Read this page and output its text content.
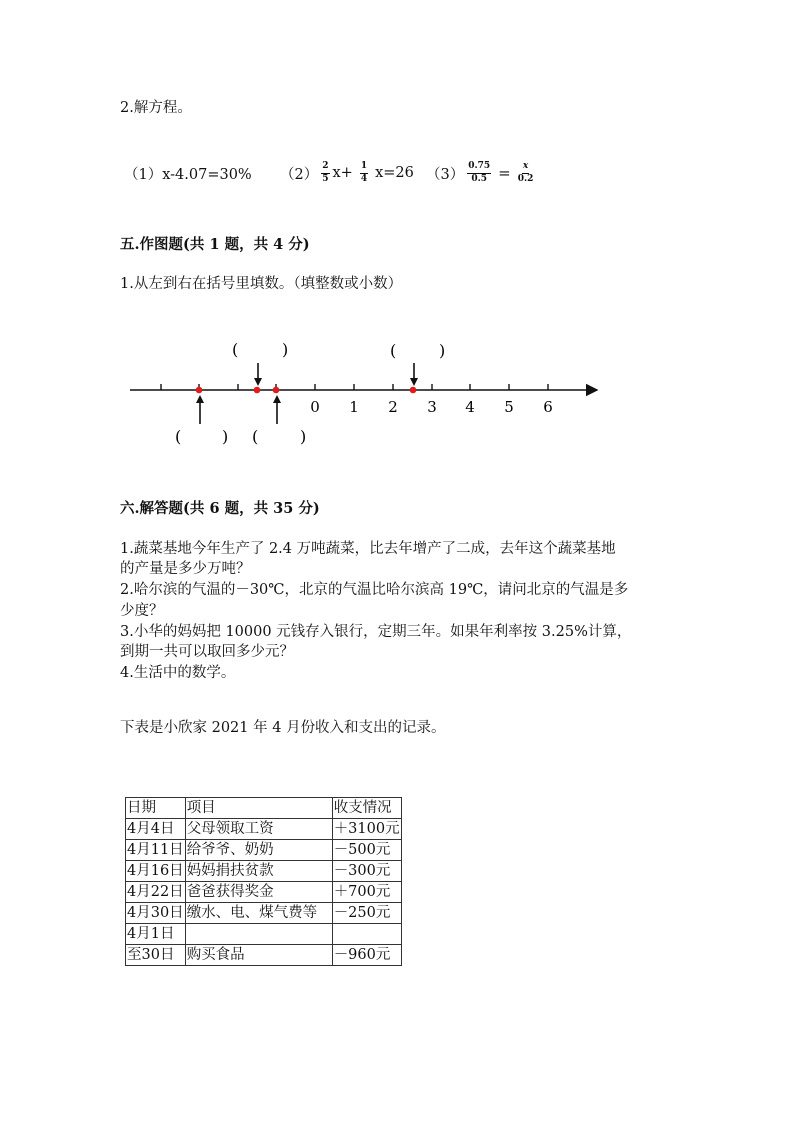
2.解方程。
（1）x-4.07=30% $(2) \frac{2}{5} x+ \frac{1}{4} x=26$ $(3) \frac{0.75}{0.5} = \frac{x}{0.2}$
五.作图题(共 1 题，共 4 分)
1.从左到右在括号里填数。（填整数或小数）
0 1 2 3 4 5 6
(	)	(	)
(	) (	)
六.解答题(共 6 题，共 35 分)
1.蔬菜基地今年生产了 2.4 万吨蔬菜，比去年增产了二成，去年这个蔬菜基地
的产量是多少万吨？
2.哈尔滨的气温的－30℃，北京的气温比哈尔滨高 19℃，请问北京的气温是多
少度？
3.小华的妈妈把 10000 元钱存入银行，定期三年。如果年利率按 3.25%计算，
到期一共可以取回多少元？
4.生活中的数学。
下表是小欣家 2021 年 4 月份收入和支出的记录。
日期	项目	收支情况
4月4日	父母领取工资	＋3100元
4月11日	给爷爷、奶奶	－500元
4月16日	妈妈捐扶贫款	－300元
4月22日	爸爸获得奖金	＋700元
4月30日	缴水、电、煤气费等	－250元
4月1日		
至30日	购买食品	－960元
